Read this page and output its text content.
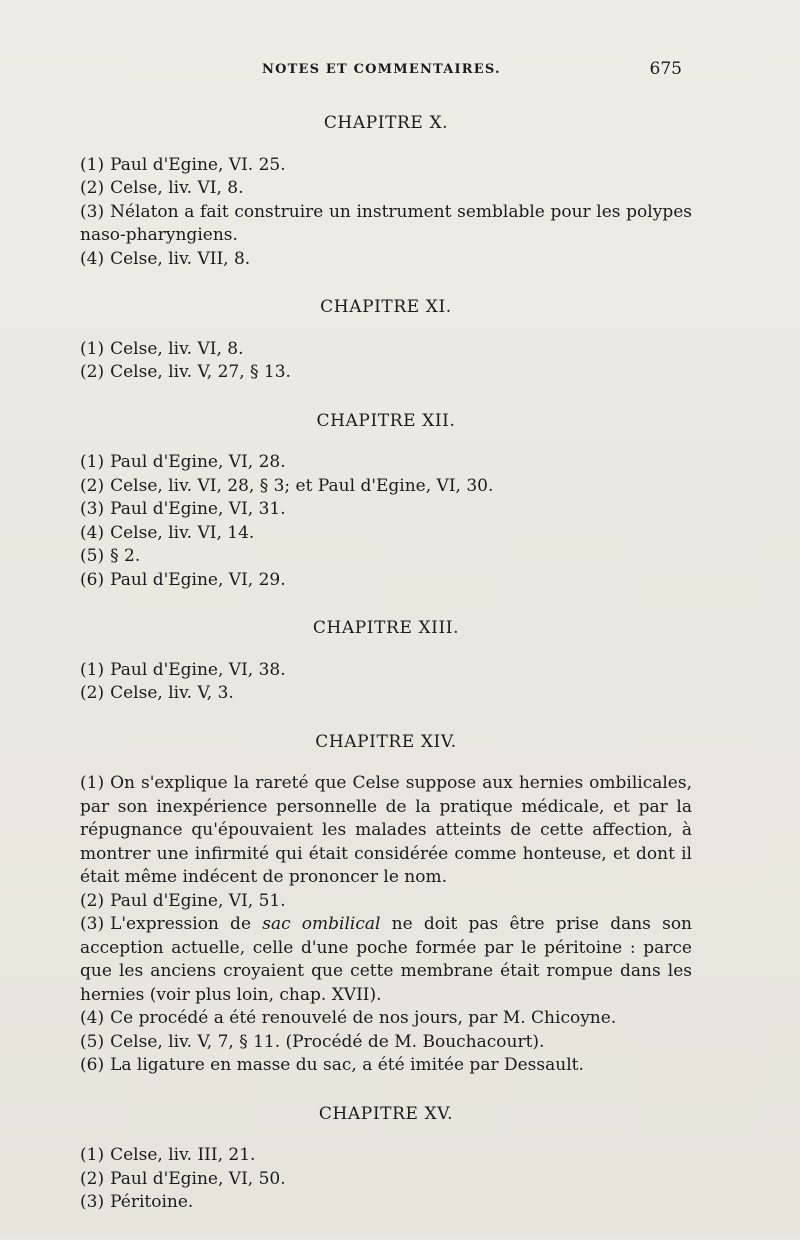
NOTES ET COMMENTAIRES.	675
CHAPITRE X.

(1) Paul d'Egine, VI. 25.

(2) Celse, liv. VI, 8.

(3) Nélaton a fait construire un instrument semblable pour les polypes naso-pharyngiens.

(4) Celse, liv. VII, 8.

CHAPITRE XI.

(1) Celse, liv. VI, 8.

(2) Celse, liv. V, 27, § 13.

CHAPITRE XII.

(1) Paul d'Egine, VI, 28.

(2) Celse, liv. VI, 28, § 3; et Paul d'Egine, VI, 30.

(3) Paul d'Egine, VI, 31.

(4) Celse, liv. VI, 14.

(5) § 2.

(6) Paul d'Egine, VI, 29.

CHAPITRE XIII.

(1) Paul d'Egine, VI, 38.

(2) Celse, liv. V, 3.

CHAPITRE XIV.

(1) On s'explique la rareté que Celse suppose aux hernies ombilicales, par son inexpérience personnelle de la pratique médicale, et par la répugnance qu'épouvaient les malades atteints de cette affection, à montrer une infirmité qui était considérée comme honteuse, et dont il était même indécent de prononcer le nom.

(2) Paul d'Egine, VI, 51.

(3) L'expression de sac ombilical ne doit pas être prise dans son acception actuelle, celle d'une poche formée par le péritoine : parce que les anciens croyaient que cette membrane était rompue dans les hernies (voir plus loin, chap. XVII).

(4) Ce procédé a été renouvelé de nos jours, par M. Chicoyne.

(5) Celse, liv. V, 7, § 11. (Procédé de M. Bouchacourt).

(6) La ligature en masse du sac, a été imitée par Dessault.

CHAPITRE XV.

(1) Celse, liv. III, 21.

(2) Paul d'Egine, VI, 50.

(3) Péritoine.
